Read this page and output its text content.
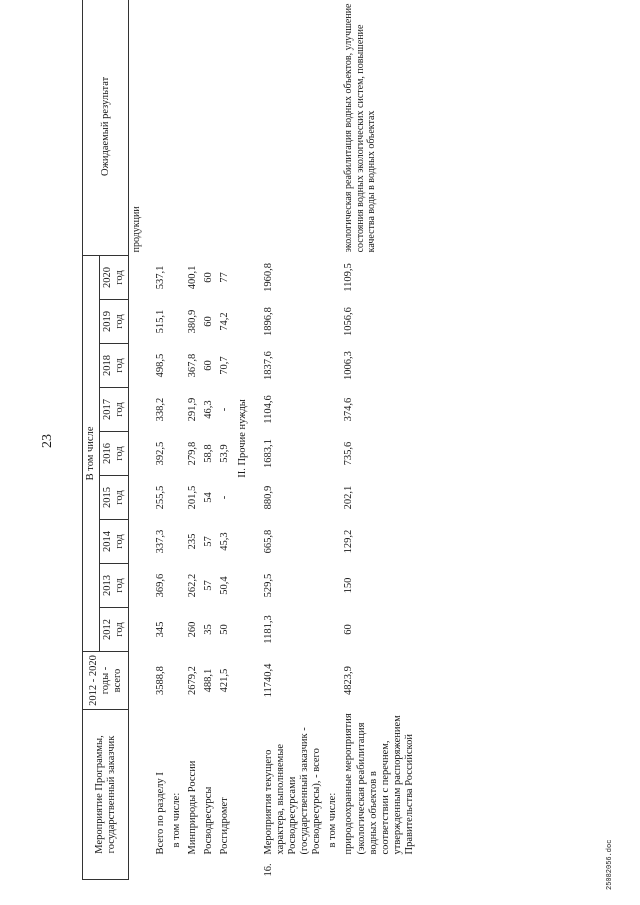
23
25082056.doc
Мероприятие Программы, государственный заказчик		2012 - 2020 годы - всего	В том числе									Ожидаемый результат
			2012 год	2013 год	2014 год	2015 год	2016 год	2017 год	2018 год	2019 год	2020 год	
												продукции
	Всего по разделу I	3588,8	345	369,6	337,3	255,5	392,5	338,2	498,5	515,1	537,1	
	в том числе:											
	Минприроды России	2679,2	260	262,2	235	201,5	279,8	291,9	367,8	380,9	400,1	
	Росводресурсы	488,1	35	57	57	54	58,8	46,3	60	60	60	
	Росгидромет	421,5	50	50,4	45,3	-	53,9	-	70,7	74,2	77	
II. Прочие нужды												
16.	Мероприятия текущего характера, выполняемые Росводресурсами (государственный заказчик - Росводресурсы), - всего	11740,4	1181,3	529,5	665,8	880,9	1683,1	1104,6	1837,6	1896,8	1960,8	
	в том числе:											
	природоохранные мероприятия (экологическая реабилитация водных объектов в соответствии с перечнем, утвержденным распоряжением Правительства Российской	4823,9	60	150	129,2	202,1	735,6	374,6	1006,3	1056,6	1109,5	экологическая реабилитация водных объектов, улучшение состояния водных экологических систем, повышение качества воды в водных объектах
